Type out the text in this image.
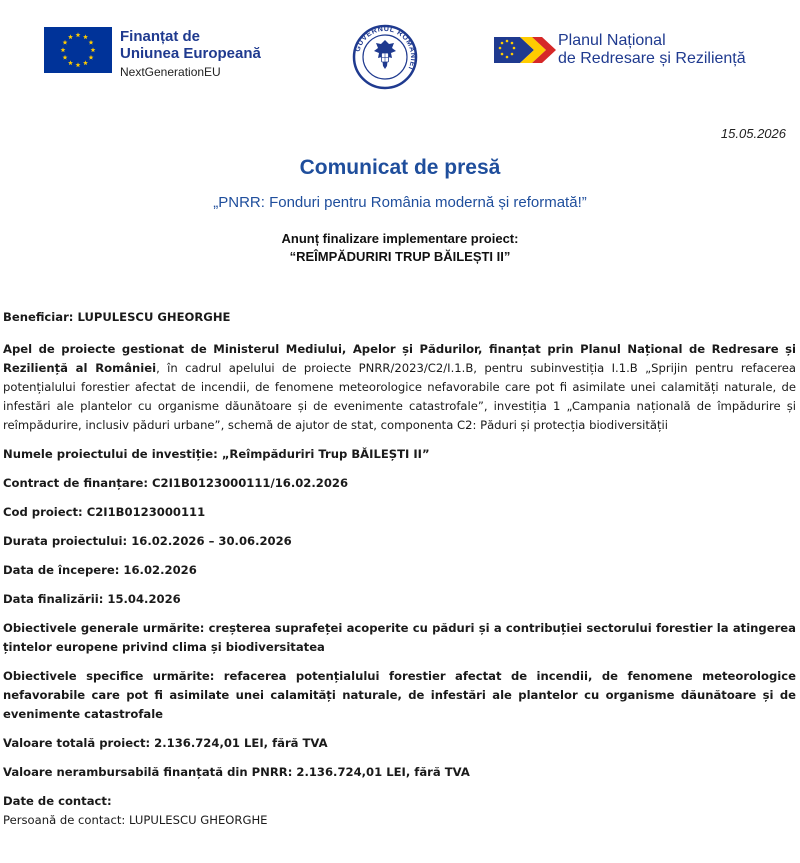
Finanțat de
Uniunea Europeană
NextGenerationEU
GUVERNUL ROMÂNIEI
Planul Național
de Redresare și Reziliență
15.05.2026
Comunicat de presă
„PNRR: Fonduri pentru România modernă și reformată!”
Anunț finalizare implementare proiect:
“REÎMPĂDURIRI TRUP BĂILEȘTI II”

Beneficiar: LUPULESCU GHEORGHE

Apel de proiecte gestionat de Ministerul Mediului, Apelor și Pădurilor, finanțat prin Planul Național de Redresare și Reziliență al României, în cadrul apelului de proiecte PNRR/2023/C2/I.1.B, pentru subinvestiția I.1.B „Sprijin pentru refacerea potențialului forestier afectat de incendii, de fenomene meteorologice nefavorabile care pot fi asimilate unei calamități naturale, de infestări ale plantelor cu organisme dăunătoare și de evenimente catastrofale”, investiția 1 „Campania națională de împădurire și reîmpădurire, inclusiv păduri urbane”, schemă de ajutor de stat, componenta C2: Păduri și protecția biodiversității

Numele proiectului de investiție: „Reîmpăduriri Trup BĂILEȘTI II”

Contract de finanțare: C2I1B0123000111/16.02.2026

Cod proiect: C2I1B0123000111

Durata proiectului: 16.02.2026 – 30.06.2026

Data de începere: 16.02.2026

Data finalizării: 15.04.2026

Obiectivele generale urmărite: creșterea suprafeței acoperite cu păduri și a contribuției sectorului forestier la atingerea țintelor europene privind clima și biodiversitatea

Obiectivele specifice urmărite: refacerea potențialului forestier afectat de incendii, de fenomene meteorologice nefavorabile care pot fi asimilate unei calamități naturale, de infestări ale plantelor cu organisme dăunătoare și de evenimente catastrofale

Valoare totală proiect: 2.136.724,01 LEI, fără TVA

Valoare nerambursabilă finanțată din PNRR: 2.136.724,01 LEI, fără TVA

Date de contact:

Persoană de contact: LUPULESCU GHEORGHE
